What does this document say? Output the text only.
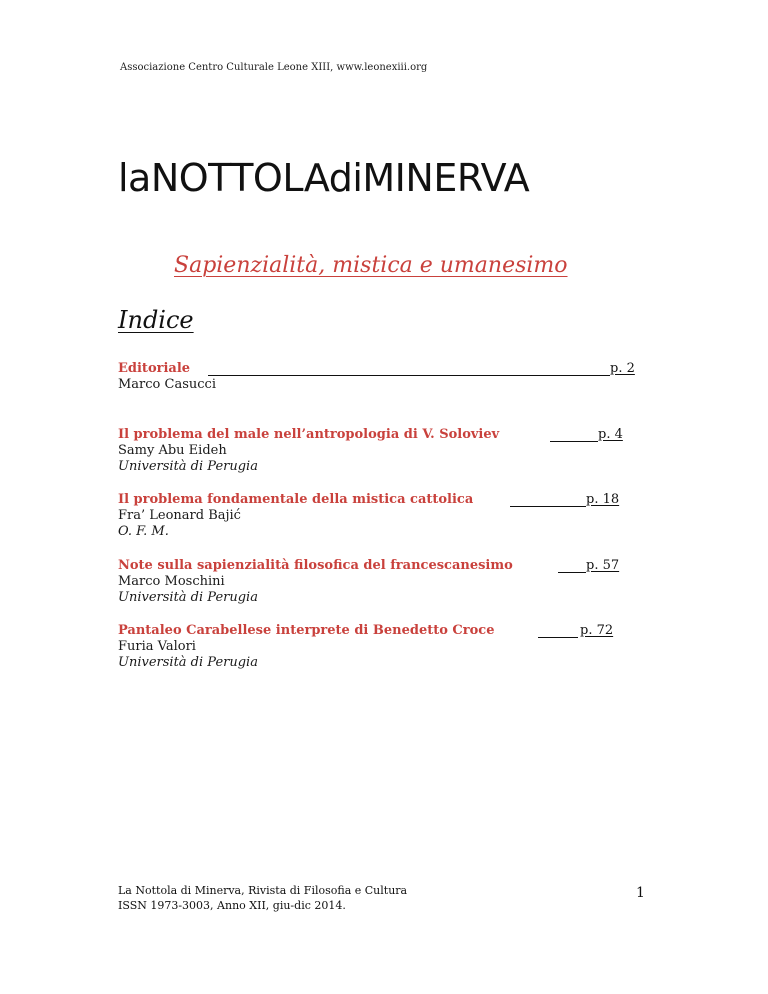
Associazione Centro Culturale Leone XIII, www.leonexiii.org
laNOTTOLAdiMINERVA
Sapienzialità, mistica e umanesimo
Indice
Editoriale	p. 2
Marco Casucci
Il problema del male nell’antropologia di V. Soloviev	p. 4
Samy Abu Eideh
Università di Perugia
Il problema fondamentale della mistica cattolica	p. 18
Fra’ Leonard Bajić
O. F. M.
Note sulla sapienzialità filosofica del francescanesimo	p. 57
Marco Moschini
Università di Perugia
Pantaleo Carabellese interprete di Benedetto Croce	p. 72
Furia Valori
Università di Perugia
La Nottola di Minerva, Rivista di Filosofia e Cultura
ISSN 1973-3003, Anno XII, giu-dic 2014.
1
